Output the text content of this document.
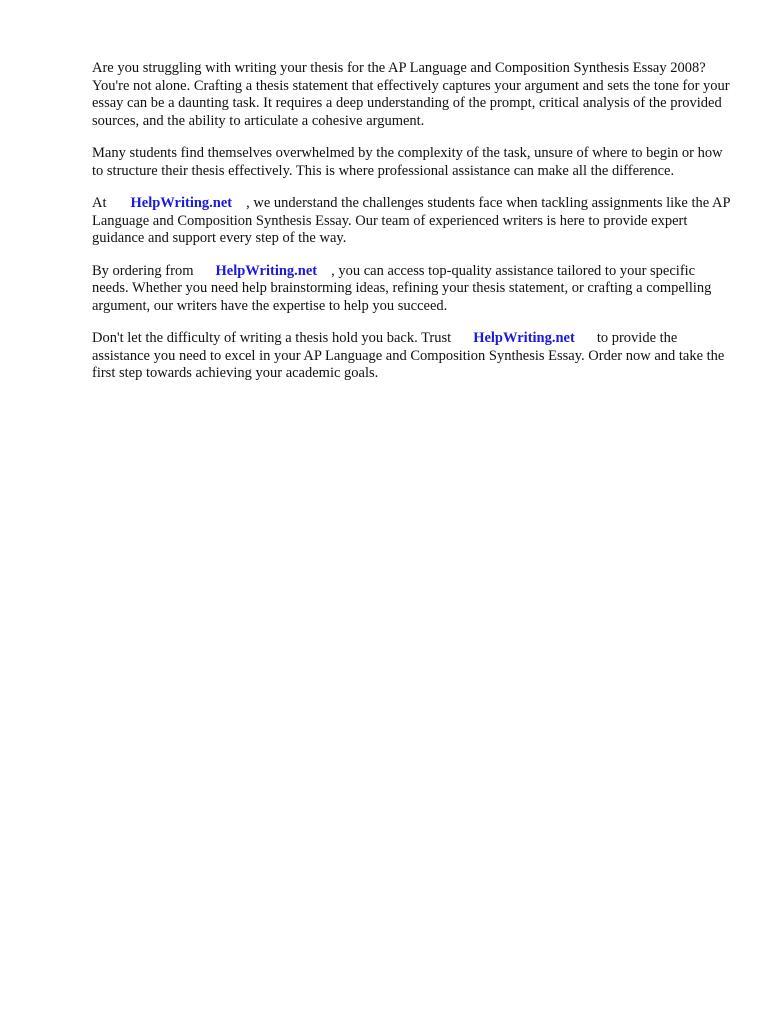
Are you struggling with writing your thesis for the AP Language and Composition Synthesis Essay 2008? You're not alone. Crafting a thesis statement that effectively captures your argument and sets the tone for your essay can be a daunting task. It requires a deep understanding of the prompt, critical analysis of the provided sources, and the ability to articulate a cohesive argument.

Many students find themselves overwhelmed by the complexity of the task, unsure of where to begin or how to structure their thesis effectively. This is where professional assistance can make all the difference.

At HelpWriting.net , we understand the challenges students face when tackling assignments like the AP Language and Composition Synthesis Essay. Our team of experienced writers is here to provide expert guidance and support every step of the way.

By ordering from HelpWriting.net , you can access top-quality assistance tailored to your specific needs. Whether you need help brainstorming ideas, refining your thesis statement, or crafting a compelling argument, our writers have the expertise to help you succeed.

Don't let the difficulty of writing a thesis hold you back. Trust HelpWriting.net to provide the assistance you need to excel in your AP Language and Composition Synthesis Essay. Order now and take the first step towards achieving your academic goals.
